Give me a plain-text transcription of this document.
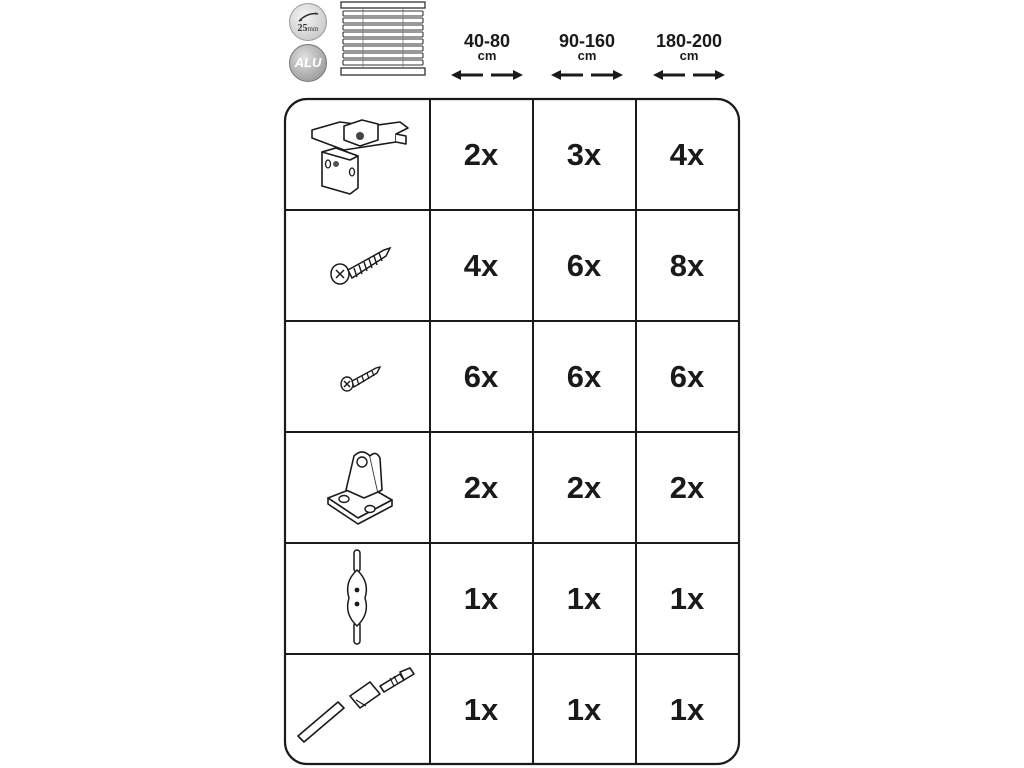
25mm
ALU
40-80
cm
90-160
cm
180-200
cm
2x	3x	4x
4x	6x	8x
6x	6x	6x
2x	2x	2x
1x	1x	1x
1x	1x	1x
